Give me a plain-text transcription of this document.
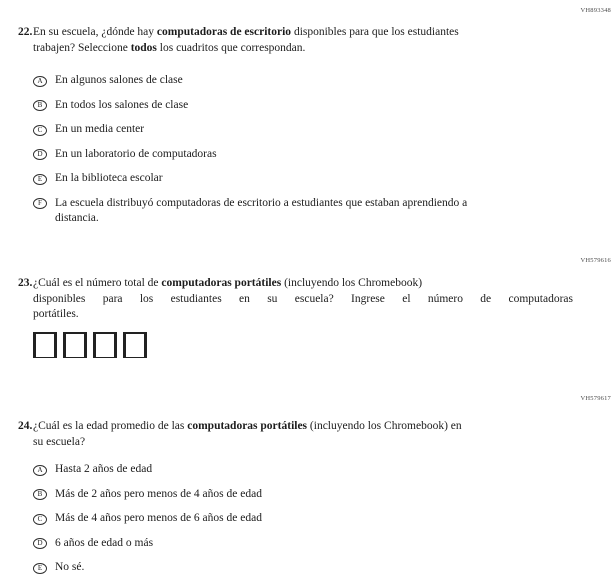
VH893348
VH579616
VH579617
22. En su escuela, ¿dónde hay computadoras de escritorio disponibles para que los estudiantes
trabajen? Seleccione todos los cuadritos que correspondan.
A	En algunos salones de clase
B	En todos los salones de clase
C	En un media center
D	En un laboratorio de computadoras
E	En la biblioteca escolar
F	La escuela distribuyó computadoras de escritorio a estudiantes que estaban aprendiendo a
distancia.
23. ¿Cuál es el número total de computadoras portátiles (incluyendo los Chromebook)
disponibles para los estudiantes en su escuela? Ingrese el número de computadoras
portátiles.
24. ¿Cuál es la edad promedio de las computadoras portátiles (incluyendo los Chromebook) en
su escuela?
A	Hasta 2 años de edad
B	Más de 2 años pero menos de 4 años de edad
C	Más de 4 años pero menos de 6 años de edad
D	6 años de edad o más
E	No sé.
